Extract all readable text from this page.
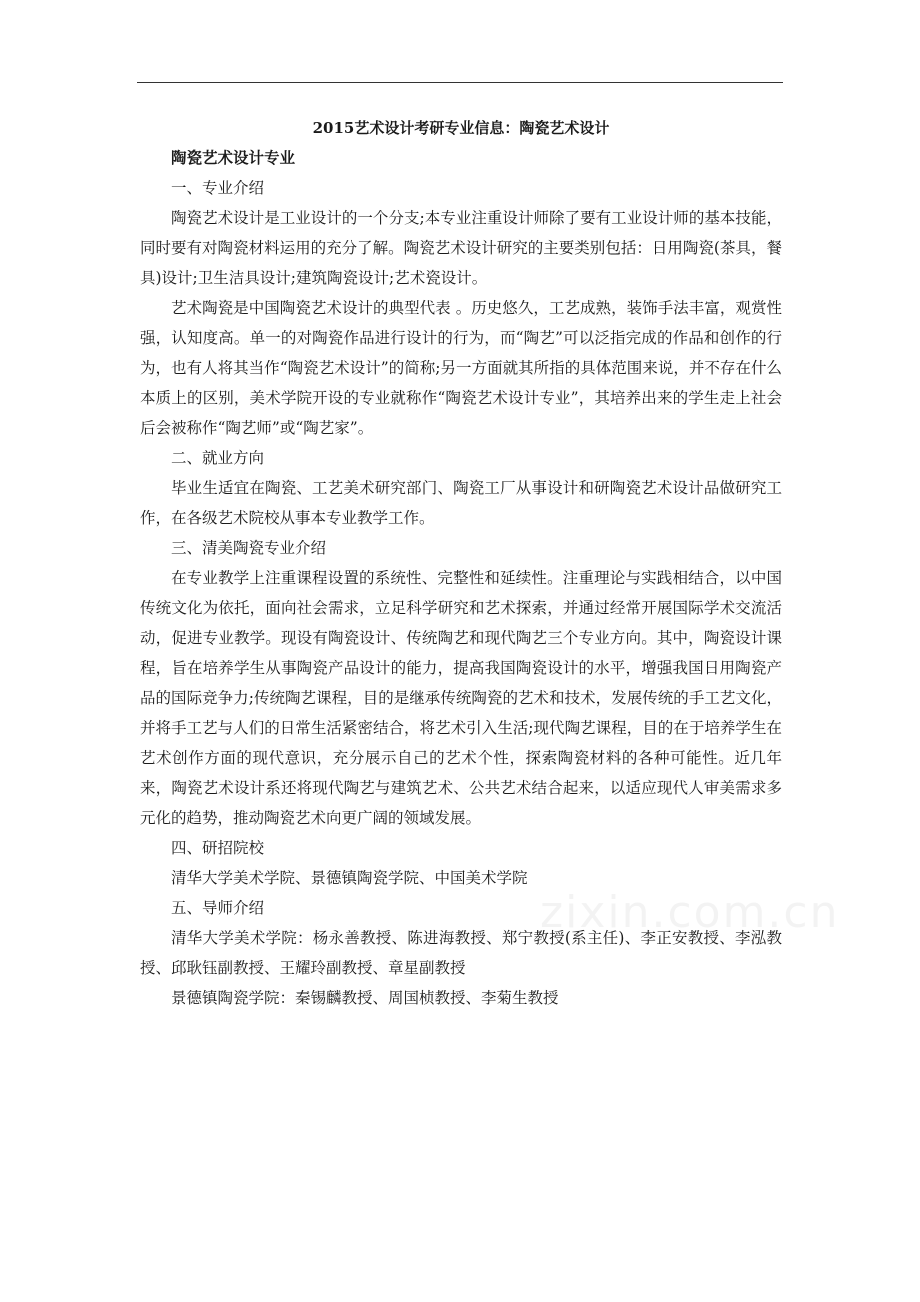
2015艺术设计考研专业信息：陶瓷艺术设计
陶瓷艺术设计专业
一、专业介绍
陶瓷艺术设计是工业设计的一个分支;本专业注重设计师除了要有工业设计师的基本技能，同时要有对陶瓷材料运用的充分了解。陶瓷艺术设计研究的主要类别包括：日用陶瓷(茶具，餐具)设计;卫生洁具设计;建筑陶瓷设计;艺术瓷设计。
艺术陶瓷是中国陶瓷艺术设计的典型代表 。历史悠久，工艺成熟，装饰手法丰富，观赏性强，认知度高。单一的对陶瓷作品进行设计的行为，而“陶艺”可以泛指完成的作品和创作的行为，也有人将其当作“陶瓷艺术设计”的简称;另一方面就其所指的具体范围来说，并不存在什么本质上的区别，美术学院开设的专业就称作“陶瓷艺术设计专业”，其培养出来的学生走上社会后会被称作“陶艺师”或“陶艺家”。
二、就业方向
毕业生适宜在陶瓷、工艺美术研究部门、陶瓷工厂从事设计和研陶瓷艺术设计品做研究工作，在各级艺术院校从事本专业教学工作。
三、清美陶瓷专业介绍
在专业教学上注重课程设置的系统性、完整性和延续性。注重理论与实践相结合，以中国传统文化为依托，面向社会需求，立足科学研究和艺术探索，并通过经常开展国际学术交流活动，促进专业教学。现设有陶瓷设计、传统陶艺和现代陶艺三个专业方向。其中，陶瓷设计课程，旨在培养学生从事陶瓷产品设计的能力，提高我国陶瓷设计的水平，增强我国日用陶瓷产品的国际竞争力;传统陶艺课程，目的是继承传统陶瓷的艺术和技术，发展传统的手工艺文化，并将手工艺与人们的日常生活紧密结合，将艺术引入生活;现代陶艺课程，目的在于培养学生在艺术创作方面的现代意识，充分展示自己的艺术个性，探索陶瓷材料的各种可能性。近几年来，陶瓷艺术设计系还将现代陶艺与建筑艺术、公共艺术结合起来，以适应现代人审美需求多元化的趋势，推动陶瓷艺术向更广阔的领域发展。
四、研招院校
清华大学美术学院、景德镇陶瓷学院、中国美术学院
五、导师介绍
清华大学美术学院：杨永善教授、陈进海教授、郑宁教授(系主任)、李正安教授、李泓教授、邱耿钰副教授、王耀玲副教授、章星副教授
景德镇陶瓷学院：秦锡麟教授、周国桢教授、李菊生教授
zixin.com.cn
